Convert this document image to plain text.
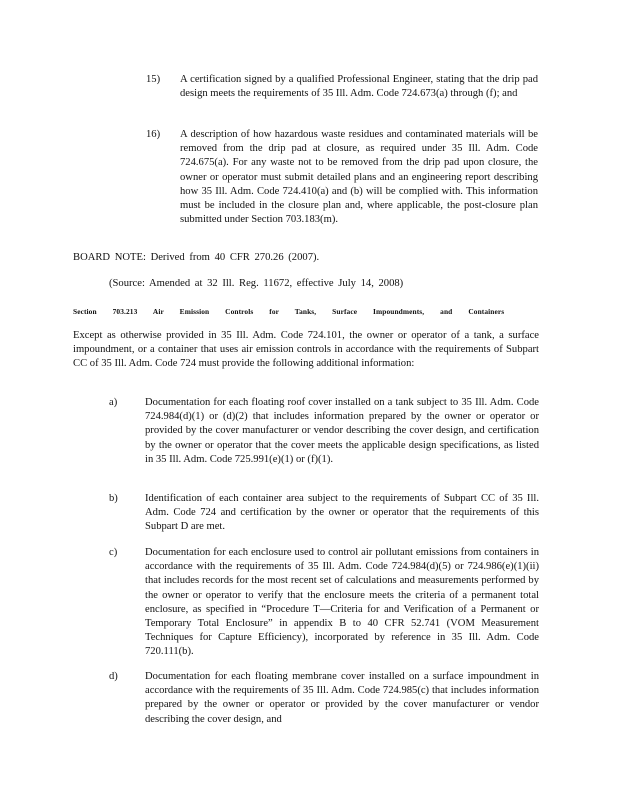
15) A certification signed by a qualified Professional Engineer, stating that the drip pad design meets the requirements of 35 Ill. Adm. Code 724.673(a) through (f); and

16) A description of how hazardous waste residues and contaminated materials will be removed from the drip pad at closure, as required under 35 Ill. Adm. Code 724.675(a). For any waste not to be removed from the drip pad upon closure, the owner or operator must submit detailed plans and an engineering report describing how 35 Ill. Adm. Code 724.410(a) and (b) will be complied with. This information must be included in the closure plan and, where applicable, the post-closure plan submitted under Section 703.183(m).

BOARD NOTE: Derived from 40 CFR 270.26 (2007).

(Source: Amended at 32 Ill. Reg. 11672, effective July 14, 2008)

Section 703.213 Air Emission Controls for Tanks, Surface Impoundments, and Containers

Except as otherwise provided in 35 Ill. Adm. Code 724.101, the owner or operator of a tank, a surface impoundment, or a container that uses air emission controls in accordance with the requirements of Subpart CC of 35 Ill. Adm. Code 724 must provide the following additional information:

a)	Documentation for each floating roof cover installed on a tank subject to 35 Ill. Adm. Code 724.984(d)(1) or (d)(2) that includes information prepared by the owner or operator or provided by the cover manufacturer or vendor describing the cover design, and certification by the owner or operator that the cover meets the applicable design specifications, as listed in 35 Ill. Adm. Code 725.991(e)(1) or (f)(1).

b)	Identification of each container area subject to the requirements of Subpart CC of 35 Ill. Adm. Code 724 and certification by the owner or operator that the requirements of this Subpart D are met.

c)	Documentation for each enclosure used to control air pollutant emissions from containers in accordance with the requirements of 35 Ill. Adm. Code 724.984(d)(5) or 724.986(e)(1)(ii) that includes records for the most recent set of calculations and measurements performed by the owner or operator to verify that the enclosure meets the criteria of a permanent total enclosure, as specified in “Procedure T—Criteria for and Verification of a Permanent or Temporary Total Enclosure” in appendix B to 40 CFR 52.741 (VOM Measurement Techniques for Capture Efficiency), incorporated by reference in 35 Ill. Adm. Code 720.111(b).

d)	Documentation for each floating membrane cover installed on a surface impoundment in accordance with the requirements of 35 Ill. Adm. Code 724.985(c) that includes information prepared by the owner or operator or provided by the cover manufacturer or vendor describing the cover design, and
